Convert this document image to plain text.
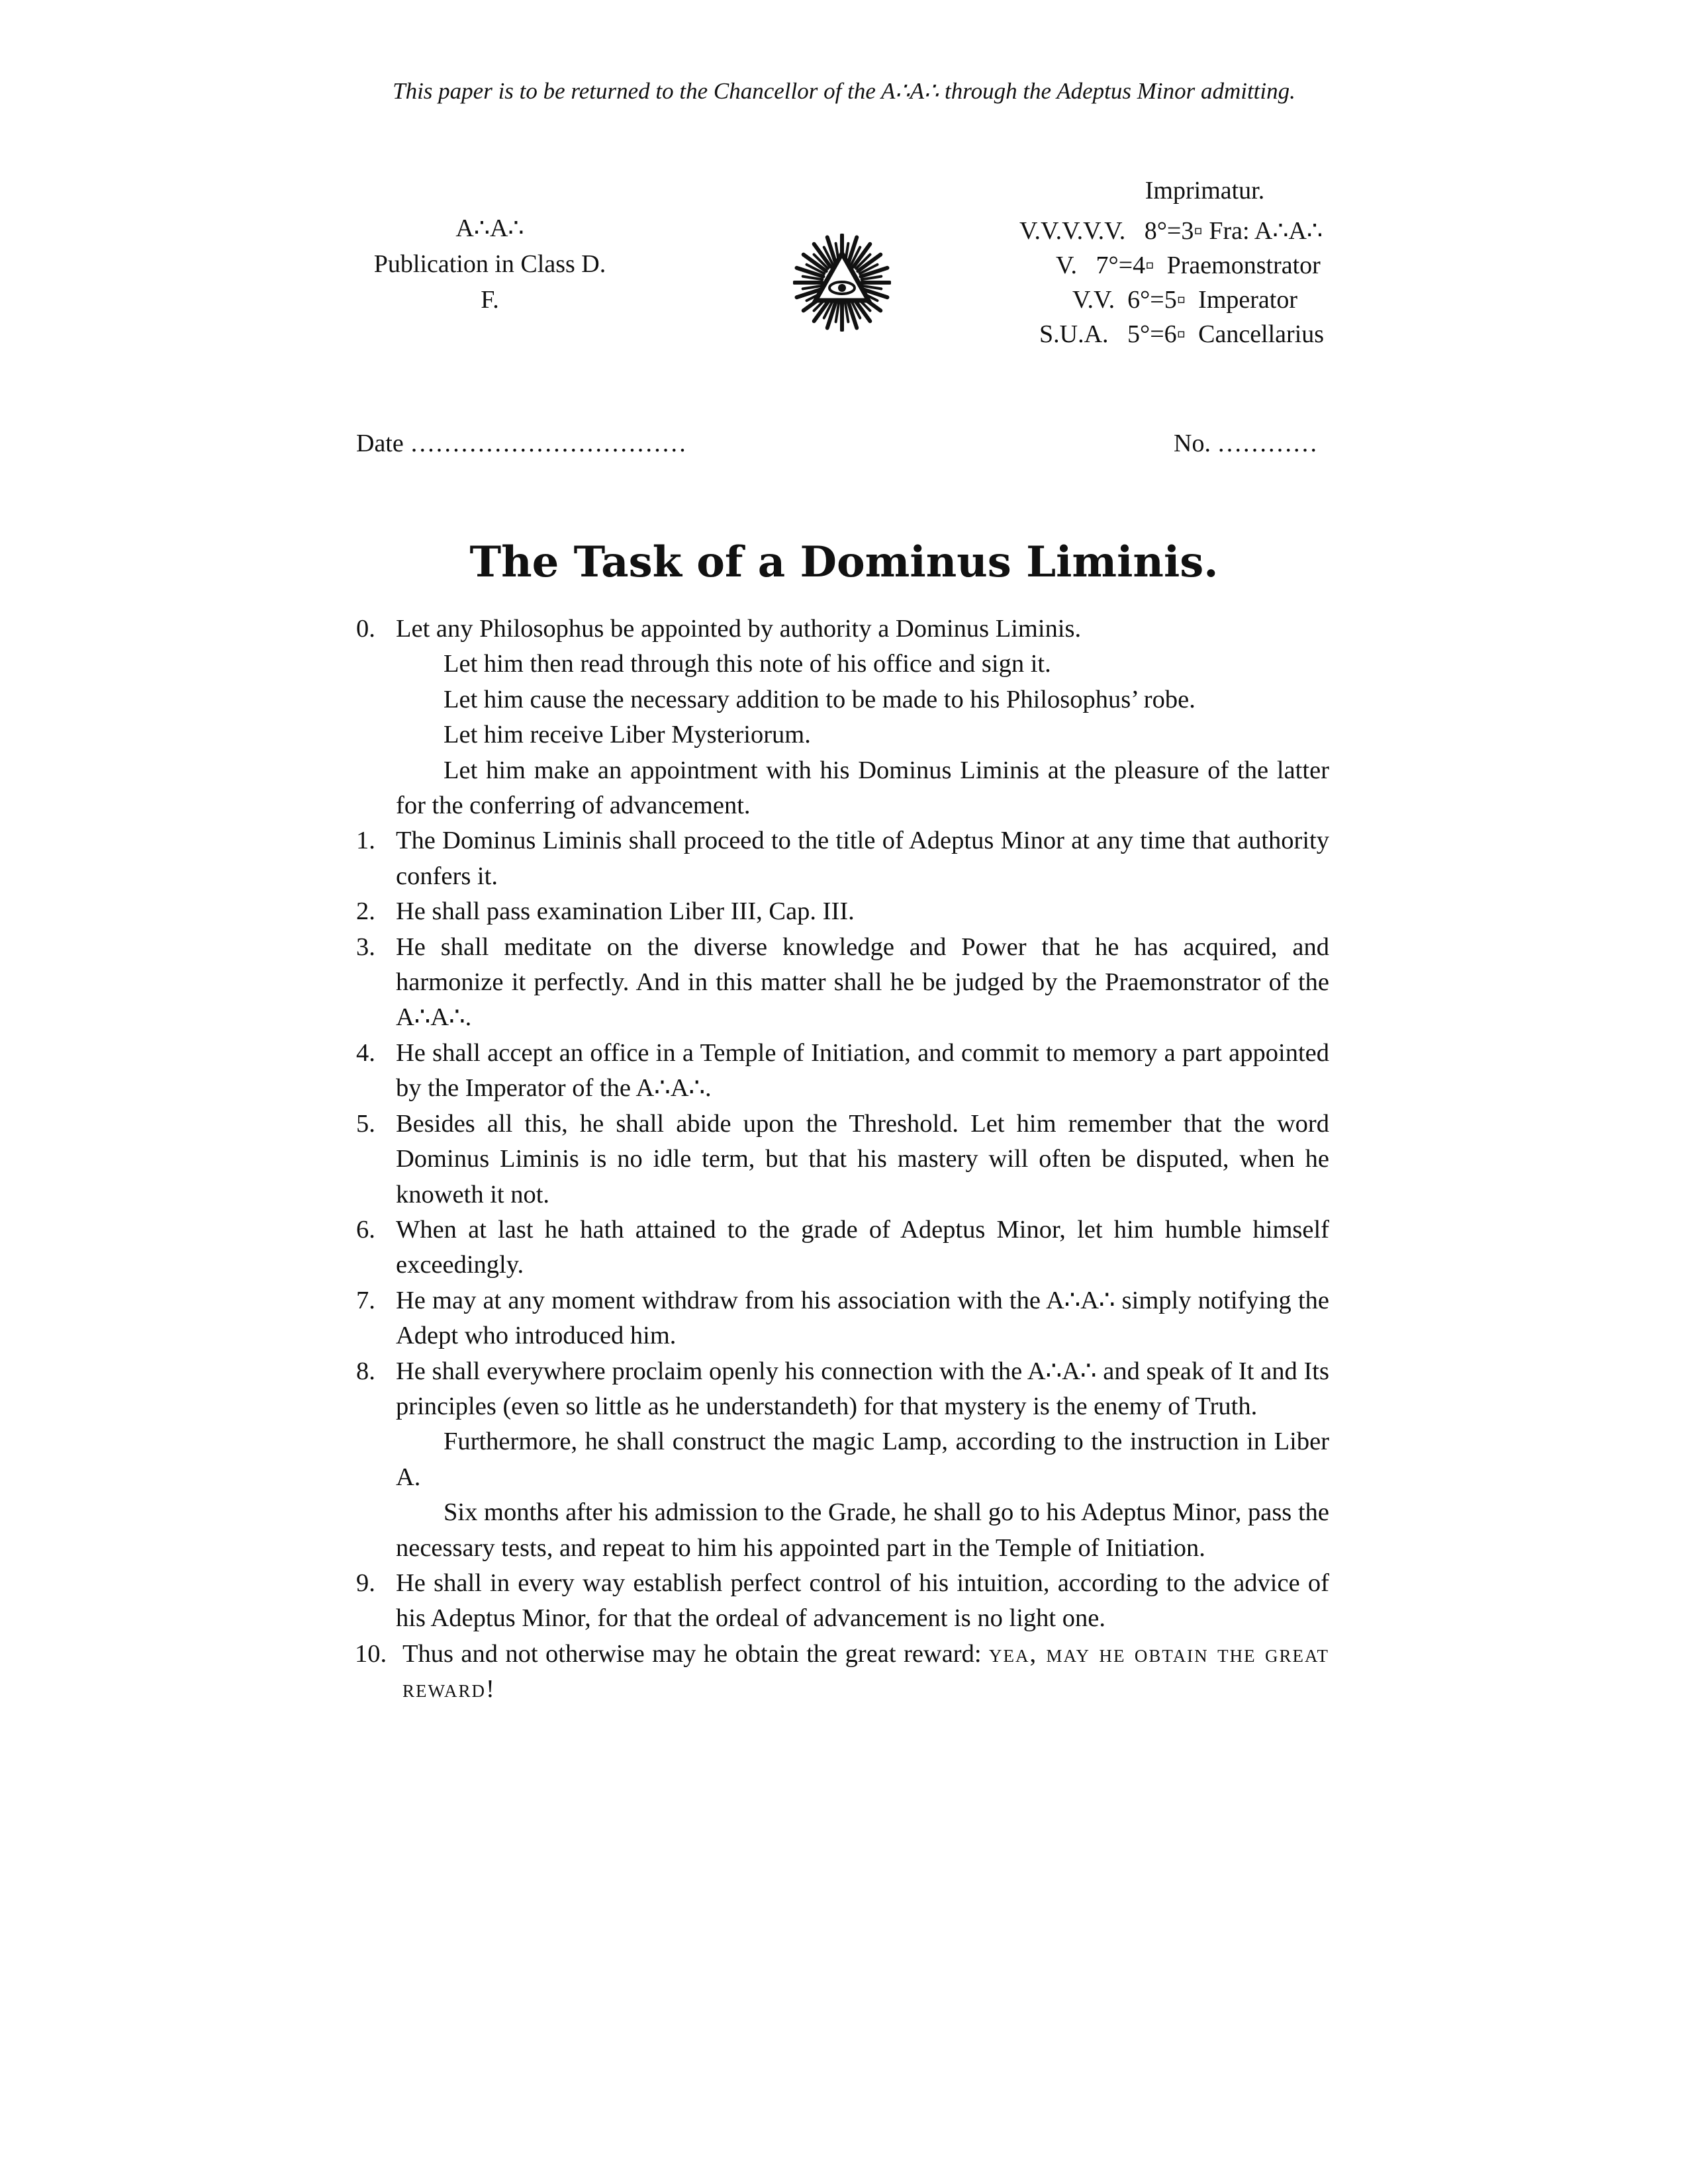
This paper is to be returned to the Chancellor of the A∴A∴ through the Adeptus Minor admitting.
A∴A∴
Publication in Class D.
F.
Imprimatur.
V.V.V.V.V.   8°=3▫ Fra: A∴A∴
V.   7°=4▫  Praemonstrator
V.V.  6°=5▫  Imperator
S.U.A.   5°=6▫  Cancellarius
Date ……………………………	No. …………
The Task of a Dominus Liminis.
0. Let any Philosophus be appointed by authority a Dominus Liminis.
Let him then read through this note of his office and sign it.
Let him cause the necessary addition to be made to his Philosophus’ robe.
Let him receive Liber Mysteriorum.
Let him make an appointment with his Dominus Liminis at the pleasure of the latter for the conferring of advancement.
1. The Dominus Liminis shall proceed to the title of Adeptus Minor at any time that authority confers it.
2. He shall pass examination Liber III, Cap. III.
3. He shall meditate on the diverse knowledge and Power that he has acquired, and harmonize it perfectly. And in this matter shall he be judged by the Praemonstrator of the A∴A∴.
4. He shall accept an office in a Temple of Initiation, and commit to memory a part appointed by the Imperator of the A∴A∴.
5. Besides all this, he shall abide upon the Threshold. Let him remember that the word Dominus Liminis is no idle term, but that his mastery will often be disputed, when he knoweth it not.
6. When at last he hath attained to the grade of Adeptus Minor, let him humble himself exceedingly.
7. He may at any moment withdraw from his association with the A∴A∴ simply notifying the Adept who introduced him.
8. He shall everywhere proclaim openly his connection with the A∴A∴ and speak of It and Its principles (even so little as he understandeth) for that mystery is the enemy of Truth.
Furthermore, he shall construct the magic Lamp, according to the instruction in Liber A.
Six months after his admission to the Grade, he shall go to his Adeptus Minor, pass the necessary tests, and repeat to him his appointed part in the Temple of Initiation.
9. He shall in every way establish perfect control of his intuition, according to the advice of his Adeptus Minor, for that the ordeal of advancement is no light one.
10. Thus and not otherwise may he obtain the great reward: yea, may he obtain the great reward!
